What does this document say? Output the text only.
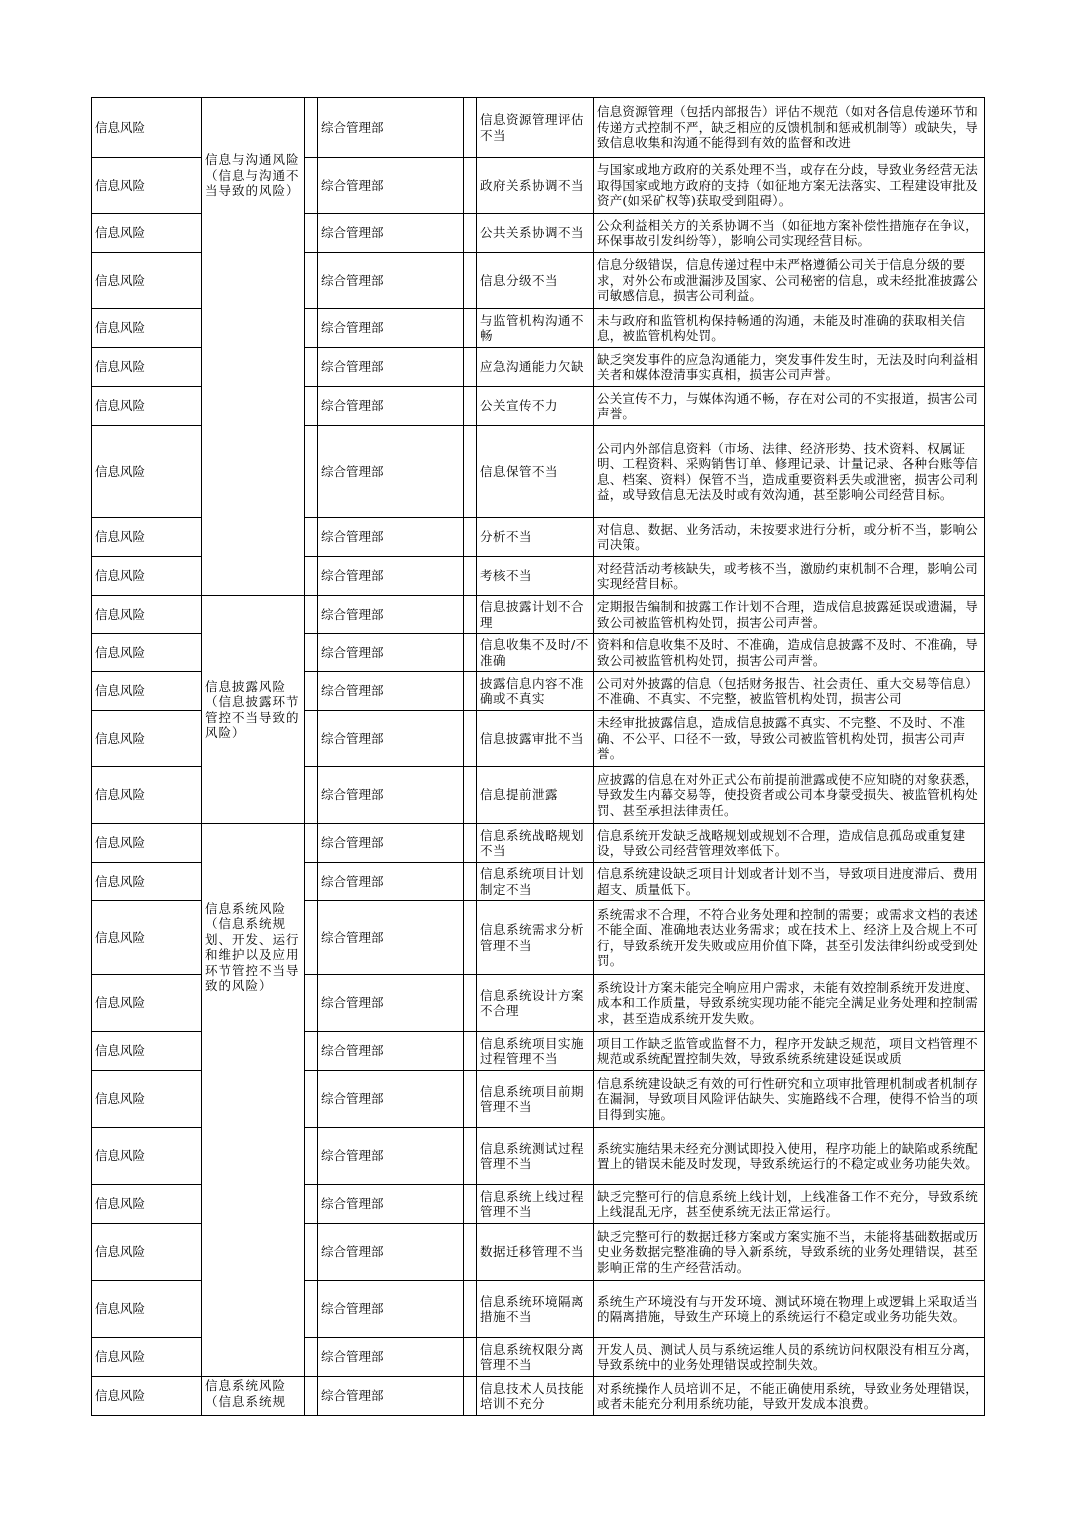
信息风险	信息与沟通风险（信息与沟通不当导致的风险）		综合管理部		信息资源管理评估不当	信息资源管理（包括内部报告）评估不规范（如对各信息传递环节和传递方式控制不严，缺乏相应的反馈机制和惩戒机制等）或缺失，导致信息收集和沟通不能得到有效的监督和改进
信息风险			综合管理部		政府关系协调不当	与国家或地方政府的关系处理不当，或存在分歧，导致业务经营无法取得国家或地方政府的支持（如征地方案无法落实、工程建设审批及资产(如采矿权等)获取受到阻碍）。
信息风险			综合管理部		公共关系协调不当	公众利益相关方的关系协调不当（如征地方案补偿性措施存在争议，环保事故引发纠纷等），影响公司实现经营目标。
信息风险			综合管理部		信息分级不当	信息分级错误，信息传递过程中未严格遵循公司关于信息分级的要求，对外公布或泄漏涉及国家、公司秘密的信息，或未经批准披露公司敏感信息，损害公司利益。
信息风险			综合管理部		与监管机构沟通不畅	未与政府和监管机构保持畅通的沟通，未能及时准确的获取相关信息，被监管机构处罚。
信息风险			综合管理部		应急沟通能力欠缺	缺乏突发事件的应急沟通能力，突发事件发生时，无法及时向利益相关者和媒体澄清事实真相，损害公司声誉。
信息风险			综合管理部		公关宣传不力	公关宣传不力，与媒体沟通不畅，存在对公司的不实报道，损害公司声誉。
信息风险			综合管理部		信息保管不当	公司内外部信息资料（市场、法律、经济形势、技术资料、权属证明、工程资料、采购销售订单、修理记录、计量记录、各种台账等信息、档案、资料）保管不当，造成重要资料丢失或泄密，损害公司利益，或导致信息无法及时或有效沟通，甚至影响公司经营目标。
信息风险			综合管理部		分析不当	对信息、数据、业务活动，未按要求进行分析，或分析不当，影响公司决策。
信息风险			综合管理部		考核不当	对经营活动考核缺失，或考核不当，激励约束机制不合理，影响公司实现经营目标。
信息风险	信息披露风险（信息披露环节管控不当导致的风险）		综合管理部		信息披露计划不合理	定期报告编制和披露工作计划不合理，造成信息披露延误或遗漏，导致公司被监管机构处罚，损害公司声誉。
信息风险			综合管理部		信息收集不及时/不准确	资料和信息收集不及时、不准确，造成信息披露不及时、不准确，导致公司被监管机构处罚，损害公司声誉。
信息风险			综合管理部		披露信息内容不准确或不真实	公司对外披露的信息（包括财务报告、社会责任、重大交易等信息）不准确、不真实、不完整，被监管机构处罚，损害公司
信息风险			综合管理部		信息披露审批不当	未经审批披露信息，造成信息披露不真实、不完整、不及时、不准确、不公平、口径不一致，导致公司被监管机构处罚，损害公司声誉。
信息风险			综合管理部		信息提前泄露	应披露的信息在对外正式公布前提前泄露或使不应知晓的对象获悉，导致发生内幕交易等，使投资者或公司本身蒙受损失、被监管机构处罚、甚至承担法律责任。
信息风险	信息系统风险（信息系统规划、开发、运行和维护以及应用环节管控不当导致的风险）		综合管理部		信息系统战略规划不当	信息系统开发缺乏战略规划或规划不合理，造成信息孤岛或重复建设，导致公司经营管理效率低下。
信息风险			综合管理部		信息系统项目计划制定不当	信息系统建设缺乏项目计划或者计划不当，导致项目进度滞后、费用超支、质量低下。
信息风险			综合管理部		信息系统需求分析管理不当	系统需求不合理，不符合业务处理和控制的需要；或需求文档的表述不能全面、准确地表达业务需求；或在技术上、经济上及合规上不可行，导致系统开发失败或应用价值下降，甚至引发法律纠纷或受到处罚。
信息风险			综合管理部		信息系统设计方案不合理	系统设计方案未能完全响应用户需求，未能有效控制系统开发进度、成本和工作质量，导致系统实现功能不能完全满足业务处理和控制需求，甚至造成系统开发失败。
信息风险			综合管理部		信息系统项目实施过程管理不当	项目工作缺乏监管或监督不力，程序开发缺乏规范，项目文档管理不规范或系统配置控制失效，导致系统系统建设延误或质
信息风险			综合管理部		信息系统项目前期管理不当	信息系统建设缺乏有效的可行性研究和立项审批管理机制或者机制存在漏洞，导致项目风险评估缺失、实施路线不合理，使得不恰当的项目得到实施。
信息风险			综合管理部		信息系统测试过程管理不当	系统实施结果未经充分测试即投入使用，程序功能上的缺陷或系统配置上的错误未能及时发现，导致系统运行的不稳定或业务功能失效。
信息风险			综合管理部		信息系统上线过程管理不当	缺乏完整可行的信息系统上线计划，上线准备工作不充分，导致系统上线混乱无序，甚至使系统无法正常运行。
信息风险			综合管理部		数据迁移管理不当	缺乏完整可行的数据迁移方案或方案实施不当，未能将基础数据或历史业务数据完整准确的导入新系统，导致系统的业务处理错误，甚至影响正常的生产经营活动。
信息风险			综合管理部		信息系统环境隔离措施不当	系统生产环境没有与开发环境、测试环境在物理上或逻辑上采取适当的隔离措施，导致生产环境上的系统运行不稳定或业务功能失效。
信息风险			综合管理部		信息系统权限分离管理不当	开发人员、测试人员与系统运维人员的系统访问权限没有相互分离，导致系统中的业务处理错误或控制失效。
信息风险	信息系统风险（信息系统规		综合管理部		信息技术人员技能培训不充分	对系统操作人员培训不足，不能正确使用系统，导致业务处理错误，或者未能充分利用系统功能，导致开发成本浪费。
